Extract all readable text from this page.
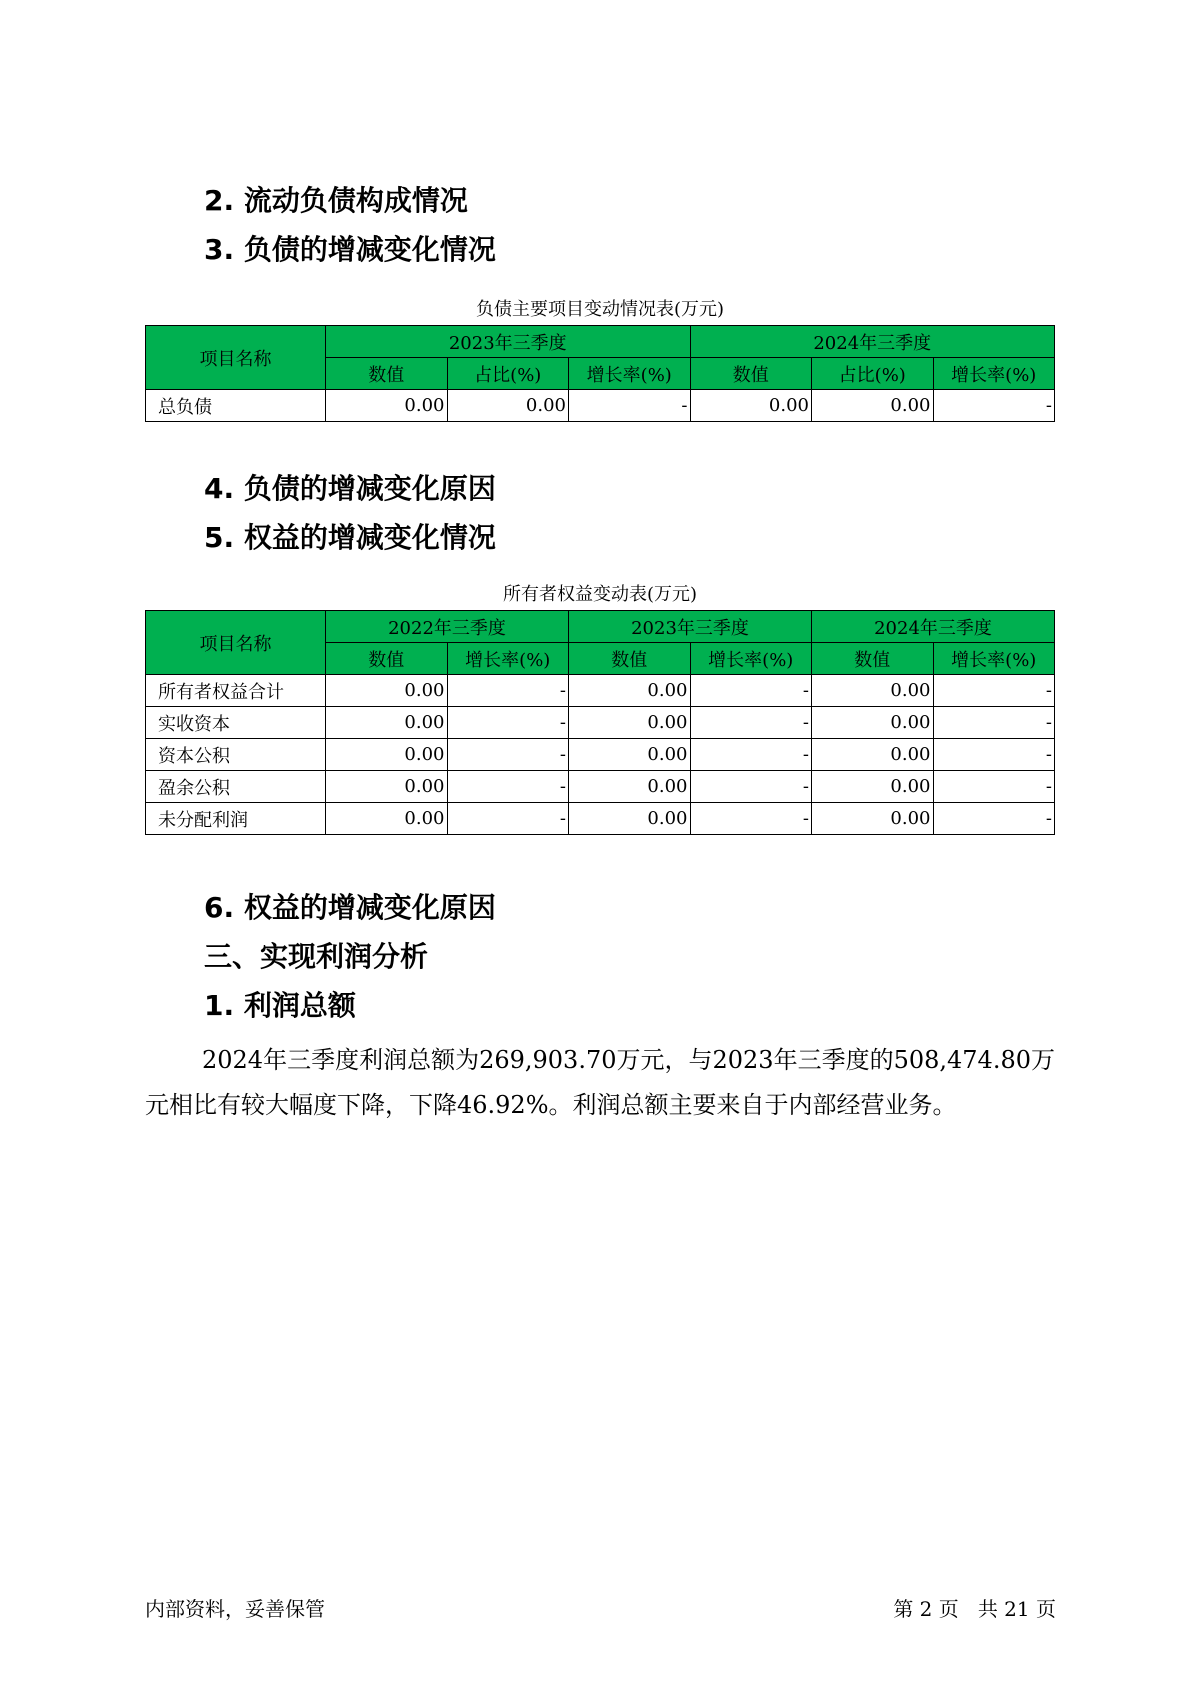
2. 流动负债构成情况
3. 负债的增减变化情况
负债主要项目变动情况表(万元)
项目名称	2023年三季度			2024年三季度		
	数值	占比(%)	增长率(%)	数值	占比(%)	增长率(%)
总负债	0.00	0.00	-	0.00	0.00	-
4. 负债的增减变化原因
5. 权益的增减变化情况
所有者权益变动表(万元)
项目名称	2022年三季度		2023年三季度		2024年三季度	
	数值	增长率(%)	数值	增长率(%)	数值	增长率(%)
所有者权益合计	0.00	-	0.00	-	0.00	-
实收资本	0.00	-	0.00	-	0.00	-
资本公积	0.00	-	0.00	-	0.00	-
盈余公积	0.00	-	0.00	-	0.00	-
未分配利润	0.00	-	0.00	-	0.00	-
6. 权益的增减变化原因
三、实现利润分析
1. 利润总额

2024年三季度利润总额为269,903.70万元，与2023年三季度的508,474.80万元相比有较大幅度下降，下降46.92%。利润总额主要来自于内部经营业务。

内部资料，妥善保管	第 2 页   共 21 页
